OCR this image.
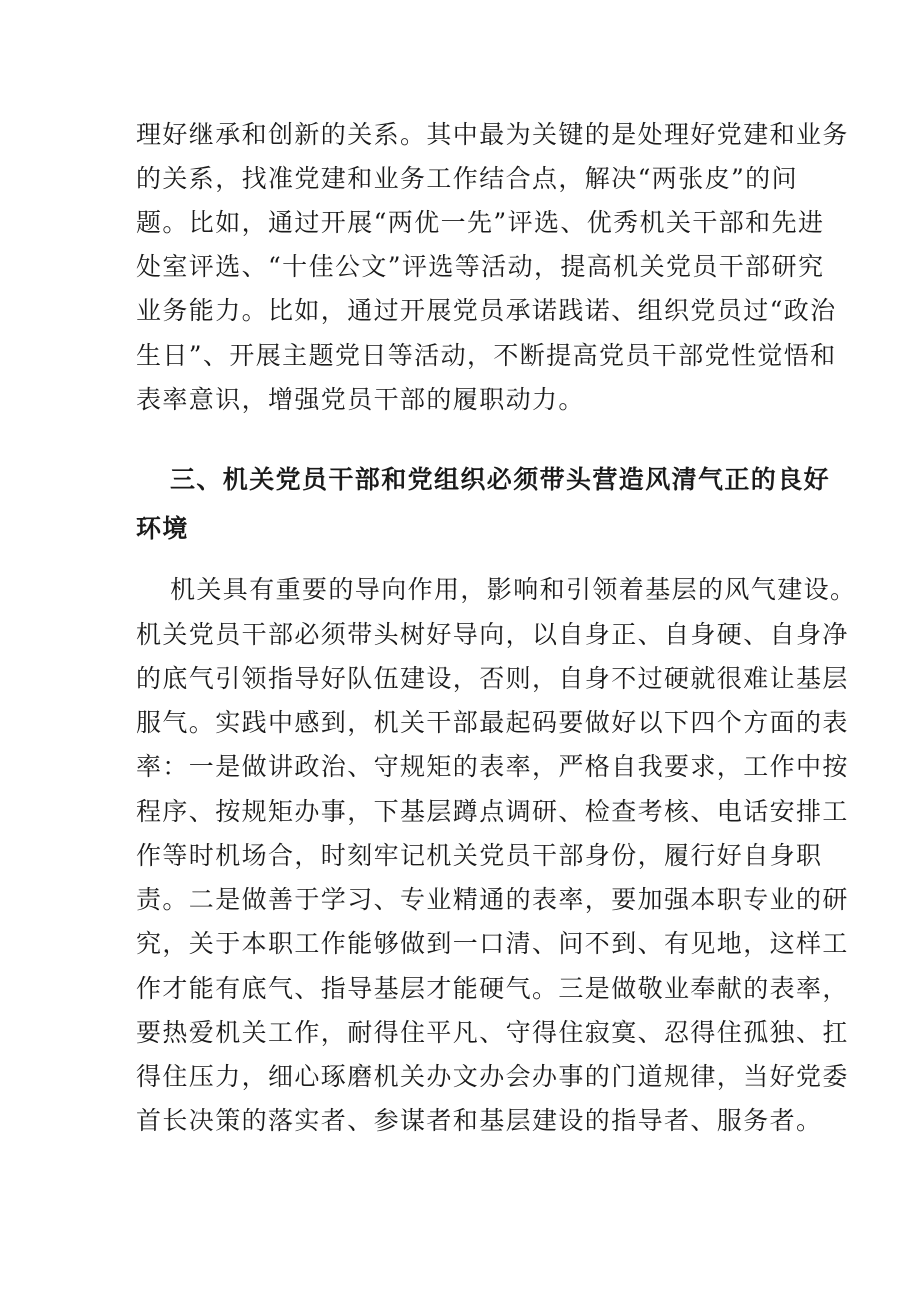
理好继承和创新的关系。其中最为关键的是处理好党建和业务
的关系，找准党建和业务工作结合点，解决“两张皮”的问
题。比如，通过开展“两优一先”评选、优秀机关干部和先进
处室评选、“十佳公文”评选等活动，提高机关党员干部研究
业务能力。比如，通过开展党员承诺践诺、组织党员过“政治
生日”、开展主题党日等活动，不断提高党员干部党性觉悟和
表率意识，增强党员干部的履职动力。
三、机关党员干部和党组织必须带头营造风清气正的良好
环境
机关具有重要的导向作用，影响和引领着基层的风气建设。
机关党员干部必须带头树好导向，以自身正、自身硬、自身净
的底气引领指导好队伍建设，否则，自身不过硬就很难让基层
服气。实践中感到，机关干部最起码要做好以下四个方面的表
率：一是做讲政治、守规矩的表率，严格自我要求，工作中按
程序、按规矩办事，下基层蹲点调研、检查考核、电话安排工
作等时机场合，时刻牢记机关党员干部身份，履行好自身职
责。二是做善于学习、专业精通的表率，要加强本职专业的研
究，关于本职工作能够做到一口清、问不到、有见地，这样工
作才能有底气、指导基层才能硬气。三是做敬业奉献的表率，
要热爱机关工作，耐得住平凡、守得住寂寞、忍得住孤独、扛
得住压力，细心琢磨机关办文办会办事的门道规律，当好党委
首长决策的落实者、参谋者和基层建设的指导者、服务者。
